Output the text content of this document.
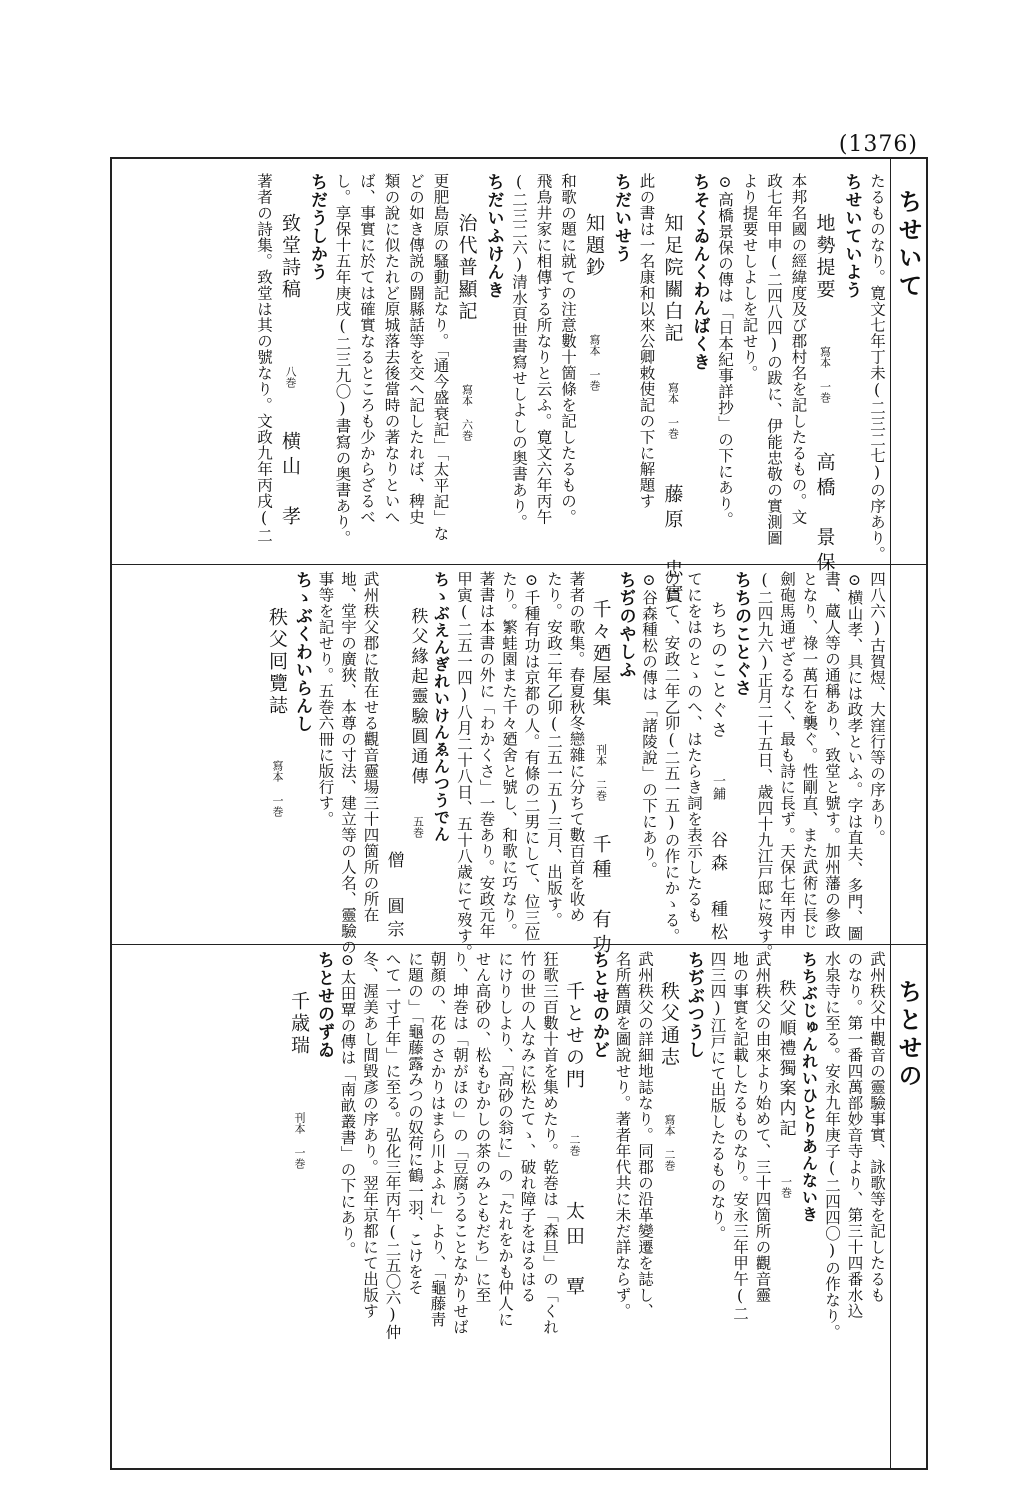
(1376)
ちせいて
ちとせの
たるものなり。寛文七年丁未(二三二七)の序あり。
ちせいていよう
地勢提要 寫本 一巻 高橋　景保
本邦名國の經緯度及び郡村名を記したるもの。文
政七年甲申(二四八四)の跋に、伊能忠敬の實測圖
より提要せしよしを記せり。
⊙高橋景保の傳は「日本紀事詳抄」の下にあり。
ちそくゐんくわんばくき
知足院關白記 寫本 一巻 藤原　忠實
此の書は一名康和以來公卿敕使記の下に解題す
ちだいせう
知題鈔 寫本 一巻
和歌の題に就ての注意數十箇條を記したるもの。
飛鳥井家に相傳する所なりと云ふ。寛文六年丙午
(二三二六)清水頁世書寫せしよしの奥書あり。
ちだいふけんき
治代普顯記 寫本 六巻
更肥島原の騷動記なり。「通今盛衰記」「太平記」な
どの如き傳説の闘縣話等を交へ記したれば、稗史
類の說に似たれど原城落去後當時の著なりといへ
ば、事實に於ては確實なるところも少からざるべ
し。享保十五年庚戌(二三九〇)書寫の奥書あり。
ちだうしかう
致堂詩稿 八巻 横山　孝
著者の詩集。致堂は其の號なり。文政九年丙戌(二
四八六)古賀煜、大窪行等の序あり。
⊙横山孝、具には政孝といふ。字は直夫、多門、圖
書、蔵人等の通稱あり、致堂と號す。加州藩の參政
となり、祿一萬石を襲ぐ。性剛直、また武術に長じ
劍砲馬通ぜざるなく、最も詩に長ず。天保七年丙申
(二四九六)正月二十五日、歳四十九江戸邸に歿す。
ちちのことぐさ
ちちのことぐさ 一鋪 谷森　種松
てにをはのとゝのへ、はたらき詞を表示したるも
のにて、安政二年乙卯(二五一五)の作にかゝる。
⊙谷森種松の傳は「諸陵說」の下にあり。
ちぢのやしふ
千々廼屋集 刊本 二巻 千種　有功
著者の歌集。春夏秋冬戀雜に分ちて數百首を收め
たり。安政二年乙卯(二五一五)三月、出版す。
⊙千種有功は京都の人。有條の二男にして、位三位
たり。繁蛙園また千々廼舍と號し、和歌に巧なり。
著書は本書の外に「わかくさ」一巻あり。安政元年
甲寅(二五一四)八月二十八日、五十八歳にて歿す。
ちゝぶえんぎれいけんゑんつうでん
秩父緣起靈驗圓通傳 五巻
僧　圓宗
武州秩父郡に散在せる觀音靈場三十四箇所の所在
地、堂宇の廣狹、本尊の寸法、建立等の人名、靈驗の
事等を記せり。五巻六冊に版行す。
ちゝぶくわいらんし
秩父囘覽誌 寫本 一巻
武州秩父中觀音の靈驗事實、詠歌等を記したるも
のなり。第一番四萬部妙音寺より、第三十四番水込
水泉寺に至る。安永九年庚子(二四四〇)の作なり。
ちちぶじゅんれいひとりあんないき
秩父順禮獨案内記 一巻
武州秩父の由來より始めて、三十四箇所の觀音靈
地の事實を記載したるものなり。安永三年甲午(二
四三四)江戸にて出版したるものなり。
ちぢぶつうし
秩父通志 寫本 二巻
武州秩父の詳細地誌なり。同郡の沿革變遷を誌し、
名所舊蹟を圖說せり。著者年代共に未だ詳ならず。
ちとせのかど
千とせの門 二巻 太田　覃
狂歌三百數十首を集めたり。乾巻は「森旦」の「くれ
竹の世の人なみに松たてゝ、破れ障子をはるはる
にけりしより、「高砂の翁に」の「たれをかも仲人に
せん高砂の、松もむかしの茶のみともだち」に至
り、坤巻は「朝がほの」の「豆腐うることなかりせば
朝顏の、花のさかりはまら川よふれ」より、「龜藤靑
に題の」「龜藤露みつの奴荷に鶴一羽、こけをそ
へて一寸千年」に至る。弘化三年丙午(二五〇六)仲
冬、渥美あし間毀彥の序あり。翌年京都にて出版す
⊙太田覃の傳は「南畝叢書」の下にあり。
ちとせのずゐ
千歳瑞 刊本 一巻
